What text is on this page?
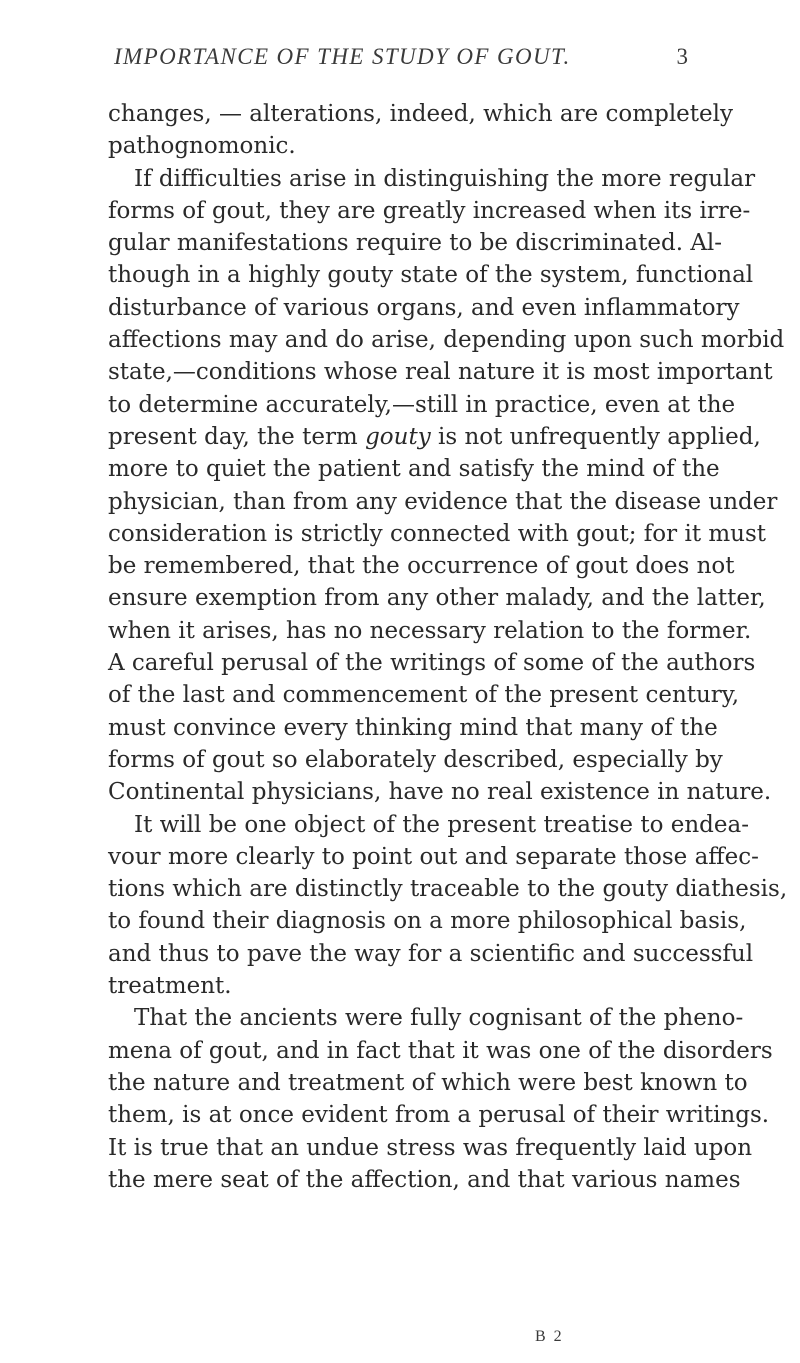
IMPORTANCE OF THE STUDY OF GOUT.	3
changes, — alterations, indeed, which are completely
pathognomonic.
If difficulties arise in distinguishing the more regular
forms of gout, they are greatly increased when its irre-
gular manifestations require to be discriminated. Al-
though in a highly gouty state of the system, functional
disturbance of various organs, and even inflammatory
affections may and do arise, depending upon such morbid
state,—conditions whose real nature it is most important
to determine accurately,—still in practice, even at the
present day, the term gouty is not unfrequently applied,
more to quiet the patient and satisfy the mind of the
physician, than from any evidence that the disease under
consideration is strictly connected with gout; for it must
be remembered, that the occurrence of gout does not
ensure exemption from any other malady, and the latter,
when it arises, has no necessary relation to the former.
A careful perusal of the writings of some of the authors
of the last and commencement of the present century,
must convince every thinking mind that many of the
forms of gout so elaborately described, especially by
Continental physicians, have no real existence in nature.
It will be one object of the present treatise to endea-
vour more clearly to point out and separate those affec-
tions which are distinctly traceable to the gouty diathesis,
to found their diagnosis on a more philosophical basis,
and thus to pave the way for a scientific and successful
treatment.
That the ancients were fully cognisant of the pheno-
mena of gout, and in fact that it was one of the disorders
the nature and treatment of which were best known to
them, is at once evident from a perusal of their writings.
It is true that an undue stress was frequently laid upon
the mere seat of the affection, and that various names
B 2
